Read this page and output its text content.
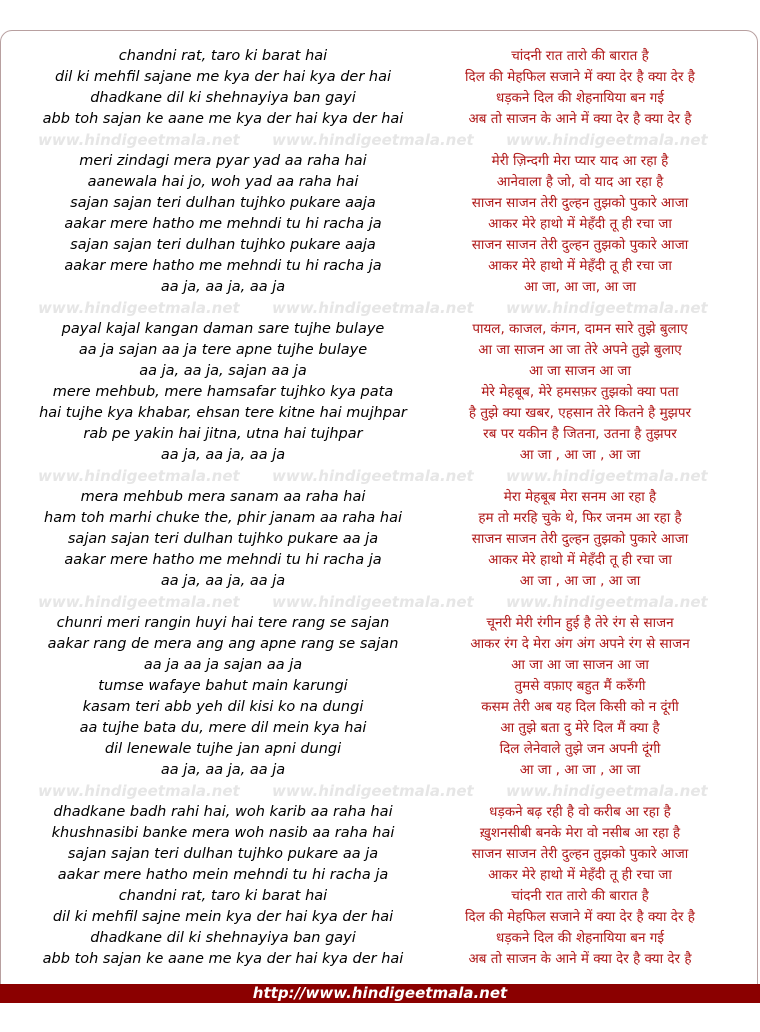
chandni rat, taro ki barat hai	चांदनी रात तारो की बारात है
dil ki mehfil sajane me kya der hai kya der hai	दिल की मेहफिल सजाने में क्या देर है क्या देर है
dhadkane dil ki shehnayiya ban gayi	धड़कने दिल की शेहनायिया बन गई
abb toh sajan ke aane me kya der hai kya der hai	अब तो साजन के आने में क्या देर है क्या देर है
www.hindigeetmala.net www.hindigeetmala.net www.hindigeetmala.net
meri zindagi mera pyar yad aa raha hai	मेरी ज़िन्दगी मेरा प्यार याद आ रहा है
aanewala hai jo, woh yad aa raha hai	आनेवाला है जो, वो याद आ रहा है
sajan sajan teri dulhan tujhko pukare aaja	साजन साजन तेरी दुल्हन तुझको पुकारे आजा
aakar mere hatho me mehndi tu hi racha ja	आकर मेरे हाथो में मेहँदी तू ही रचा जा
sajan sajan teri dulhan tujhko pukare aaja	साजन साजन तेरी दुल्हन तुझको पुकारे आजा
aakar mere hatho me mehndi tu hi racha ja	आकर मेरे हाथो में मेहँदी तू ही रचा जा
aa ja, aa ja, aa ja	आ जा, आ जा, आ जा
www.hindigeetmala.net www.hindigeetmala.net www.hindigeetmala.net
payal kajal kangan daman sare tujhe bulaye	पायल, काजल, कंगन, दामन सारे तुझे बुलाए
aa ja sajan aa ja tere apne tujhe bulaye	आ जा साजन आ जा तेरे अपने तुझे बुलाए
aa ja, aa ja, sajan aa ja	आ जा साजन आ जा
mere mehbub, mere hamsafar tujhko kya pata	मेरे मेहबूब, मेरे हमसफ़र तुझको क्या पता
hai tujhe kya khabar, ehsan tere kitne hai mujhpar	है तुझे क्या खबर, एहसान तेरे कितने है मुझपर
rab pe yakin hai jitna, utna hai tujhpar	रब पर यकीन है जितना, उतना है तुझपर
aa ja, aa ja, aa ja	आ जा , आ जा , आ जा
www.hindigeetmala.net www.hindigeetmala.net www.hindigeetmala.net
mera mehbub mera sanam aa raha hai	मेरा मेहबूब मेरा सनम आ रहा है
ham toh marhi chuke the, phir janam aa raha hai	हम तो मरहि चुके थे, फिर जनम आ रहा है
sajan sajan teri dulhan tujhko pukare aa ja	साजन साजन तेरी दुल्हन तुझको पुकारे आजा
aakar mere hatho me mehndi tu hi racha ja	आकर मेरे हाथो में मेहँदी तू ही रचा जा
aa ja, aa ja, aa ja	आ जा , आ जा , आ जा
www.hindigeetmala.net www.hindigeetmala.net www.hindigeetmala.net
chunri meri rangin huyi hai tere rang se sajan	चूनरी मेरी रंगीन हुई है तेरे रंग से साजन
aakar rang de mera ang ang apne rang se sajan	आकर रंग दे मेरा अंग अंग अपने रंग से साजन
aa ja aa ja sajan aa ja	आ जा आ जा साजन आ जा
tumse wafaye bahut main karungi	तुमसे वफ़ाए बहुत मैं करुँगी
kasam teri abb yeh dil kisi ko na dungi	कसम तेरी अब यह दिल किसी को न दूंगी
aa tujhe bata du, mere dil mein kya hai	आ तुझे बता दु मेरे दिल मैं क्या है
dil lenewale tujhe jan apni dungi	दिल लेनेवाले तुझे जन अपनी दूंगी
aa ja, aa ja, aa ja	आ जा , आ जा , आ जा
www.hindigeetmala.net www.hindigeetmala.net www.hindigeetmala.net
dhadkane badh rahi hai, woh karib aa raha hai	धड़कने बढ़ रही है वो करीब आ रहा है
khushnasibi banke mera woh nasib aa raha hai	ख़ुशनसीबी बनके मेरा वो नसीब आ रहा है
sajan sajan teri dulhan tujhko pukare aa ja	साजन साजन तेरी दुल्हन तुझको पुकारे आजा
aakar mere hatho mein mehndi tu hi racha ja	आकर मेरे हाथो में मेहँदी तू ही रचा जा
chandni rat, taro ki barat hai	चांदनी रात तारो की बारात है
dil ki mehfil sajne mein kya der hai kya der hai	दिल की मेहफिल सजाने में क्या देर है क्या देर है
dhadkane dil ki shehnayiya ban gayi	धड़कने दिल की शेहनायिया बन गई
abb toh sajan ke aane me kya der hai kya der hai	अब तो साजन के आने में क्या देर है क्या देर है
http://www.hindigeetmala.net
